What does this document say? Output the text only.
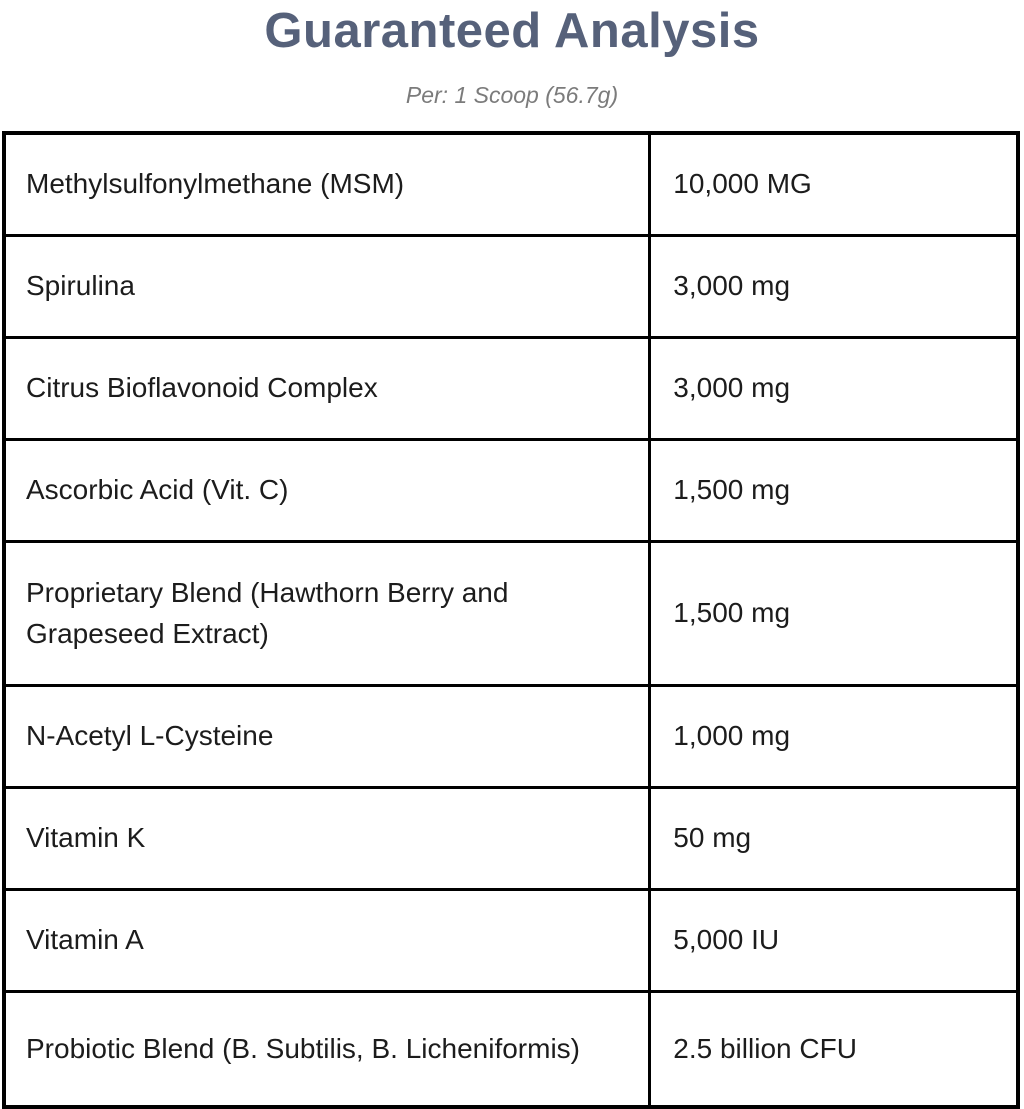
Guaranteed Analysis
Per: 1 Scoop (56.7g)
Methylsulfonylmethane (MSM)	10,000 MG
Spirulina	3,000 mg
Citrus Bioflavonoid Complex	3,000 mg
Ascorbic Acid (Vit. C)	1,500 mg
Proprietary Blend (Hawthorn Berry and Grapeseed Extract)	1,500 mg
N-Acetyl L-Cysteine	1,000 mg
Vitamin K	50 mg
Vitamin A	5,000 IU
Probiotic Blend (B. Subtilis, B. Licheniformis)	2.5 billion CFU
